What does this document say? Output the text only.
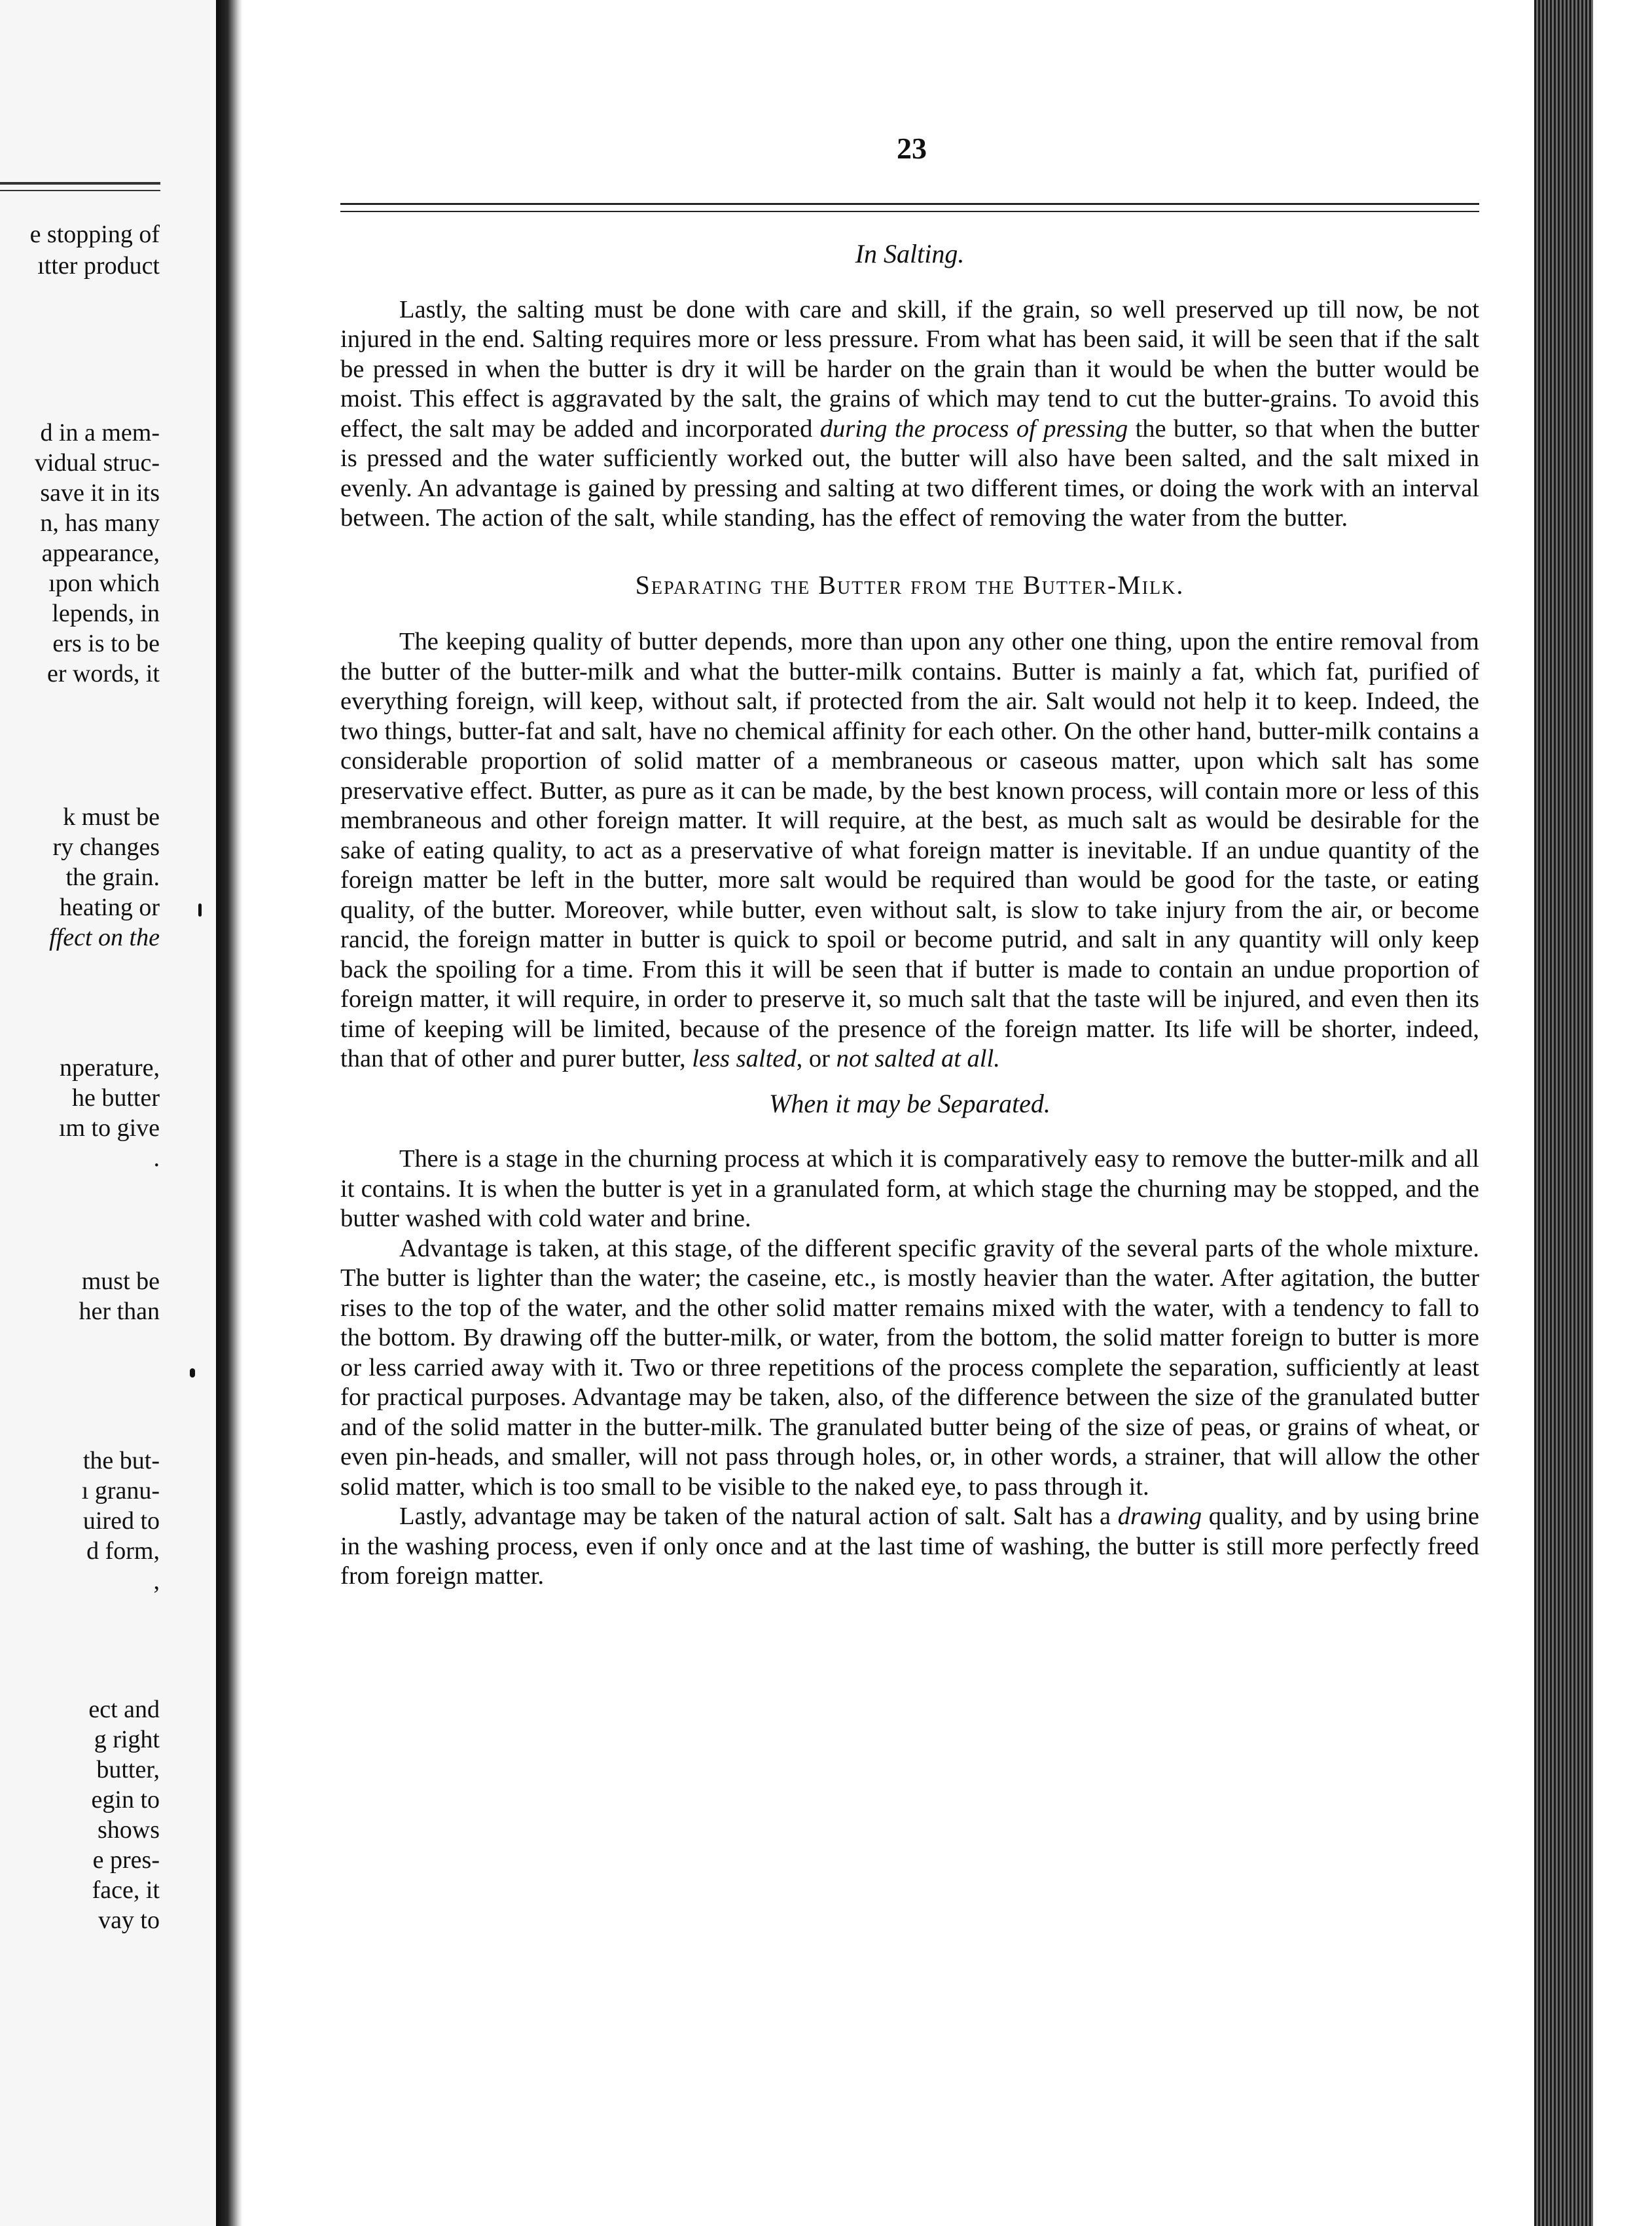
e stopping of
ıtter product
d in a mem-
vidual struc-
save it in its
n, has many
appearance,
ıpon which
lepends, in
ers is to be
er words, it
k must be
ry changes
the grain.
heating or
ffect on the
nperature,
he butter
ım to give
.
must be
her than
the but-
ı granu-
uired to
d form,
,
ect and
g right
butter,
egin to
shows
e pres-
face, it
vay to
23
In Salting.

Lastly, the salting must be done with care and skill, if the grain, so well preserved up till now, be not injured in the end. Salting requires more or less pressure. From what has been said, it will be seen that if the salt be pressed in when the butter is dry it will be harder on the grain than it would be when the butter would be moist. This effect is aggravated by the salt, the grains of which may tend to cut the butter-grains. To avoid this effect, the salt may be added and incorporated during the process of pressing the butter, so that when the butter is pressed and the water sufficiently worked out, the butter will also have been salted, and the salt mixed in evenly. An advantage is gained by pressing and salting at two different times, or doing the work with an interval between. The action of the salt, while standing, has the effect of removing the water from the butter.

Separating the Butter from the Butter-Milk.

The keeping quality of butter depends, more than upon any other one thing, upon the entire removal from the butter of the butter-milk and what the butter-milk contains. Butter is mainly a fat, which fat, purified of everything foreign, will keep, without salt, if protected from the air. Salt would not help it to keep. Indeed, the two things, butter-fat and salt, have no chemical affinity for each other. On the other hand, butter-milk contains a considerable proportion of solid matter of a membraneous or caseous matter, upon which salt has some preservative effect. Butter, as pure as it can be made, by the best known process, will contain more or less of this membraneous and other foreign matter. It will require, at the best, as much salt as would be desirable for the sake of eating quality, to act as a preservative of what foreign matter is inevitable. If an undue quantity of the foreign matter be left in the butter, more salt would be required than would be good for the taste, or eating quality, of the butter. Moreover, while butter, even without salt, is slow to take injury from the air, or become rancid, the foreign matter in butter is quick to spoil or become putrid, and salt in any quantity will only keep back the spoiling for a time. From this it will be seen that if butter is made to contain an undue proportion of foreign matter, it will require, in order to preserve it, so much salt that the taste will be injured, and even then its time of keeping will be limited, because of the presence of the foreign matter. Its life will be shorter, indeed, than that of other and purer butter, less salted, or not salted at all.

When it may be Separated.

There is a stage in the churning process at which it is comparatively easy to remove the butter-milk and all it contains. It is when the butter is yet in a granulated form, at which stage the churning may be stopped, and the butter washed with cold water and brine.

Advantage is taken, at this stage, of the different specific gravity of the several parts of the whole mixture. The butter is lighter than the water; the caseine, etc., is mostly heavier than the water. After agitation, the butter rises to the top of the water, and the other solid matter remains mixed with the water, with a tendency to fall to the bottom. By drawing off the butter-milk, or water, from the bottom, the solid matter foreign to butter is more or less carried away with it. Two or three repetitions of the process complete the separation, sufficiently at least for practical purposes. Advantage may be taken, also, of the difference between the size of the granulated butter and of the solid matter in the butter-milk. The granulated butter being of the size of peas, or grains of wheat, or even pin-heads, and smaller, will not pass through holes, or, in other words, a strainer, that will allow the other solid matter, which is too small to be visible to the naked eye, to pass through it.

Lastly, advantage may be taken of the natural action of salt. Salt has a drawing quality, and by using brine in the washing process, even if only once and at the last time of washing, the butter is still more perfectly freed from foreign matter.
